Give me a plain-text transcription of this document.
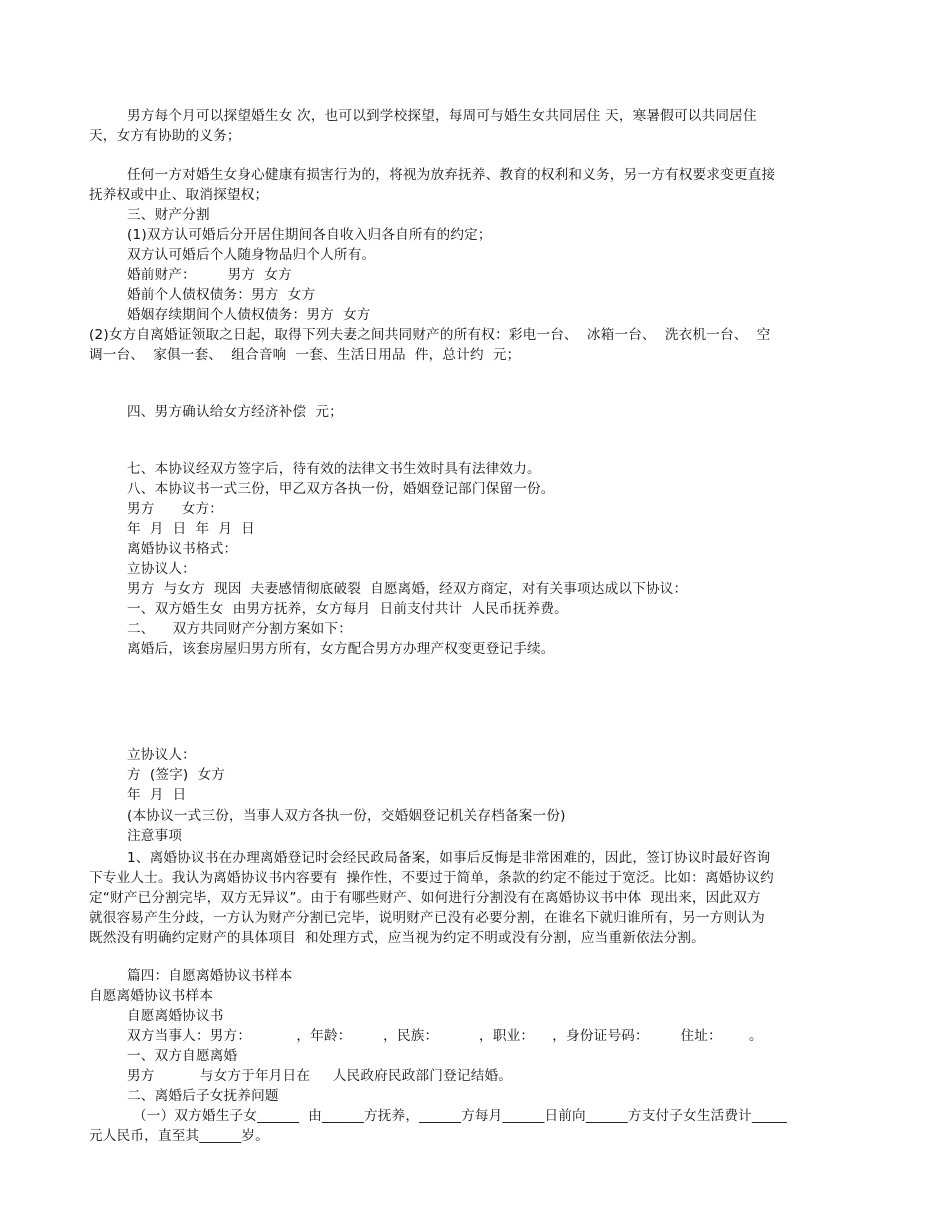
男方每个月可以探望婚生女 次，也可以到学校探望，每周可与婚生女共同居住 天，寒暑假可以共同居住
天，女方有协助的义务；
任何一方对婚生女身心健康有损害行为的，将视为放弃抚养、教育的权利和义务，另一方有权要求变更直接
抚养权或中止、取消探望权；
三、财产分割
(1)双方认可婚后分开居住期间各自收入归各自所有的约定；
双方认可婚后个人随身物品归个人所有。
婚前财产：       男方  女方
婚前个人债权债务：男方  女方
婚姻存续期间个人债权债务：男方  女方
(2)女方自离婚证领取之日起，取得下列夫妻之间共同财产的所有权：彩电一台、  冰箱一台、  洗衣机一台、  空
调一台、  家俱一套、  组合音响  一套、生活日用品  件，总计约  元；
四、男方确认给女方经济补偿  元；
七、本协议经双方签字后，待有效的法律文书生效时具有法律效力。
八、本协议书一式三份，甲乙双方各执一份，婚姻登记部门保留一份。
男方      女方：
年  月  日  年  月  日
离婚协议书格式：
立协议人：
男方  与女方  现因  夫妻感情彻底破裂  自愿离婚，经双方商定，对有关事项达成以下协议：
一、双方婚生女  由男方抚养，女方每月  日前支付共计  人民币抚养费。
二、    双方共同财产分割方案如下：
离婚后，该套房屋归男方所有，女方配合男方办理产权变更登记手续。
立协议人：
方  (签字)  女方
年  月  日
(本协议一式三份，当事人双方各执一份，交婚姻登记机关存档备案一份)
注意事项
1、离婚协议书在办理离婚登记时会经民政局备案，如事后反悔是非常困难的，因此，签订协议时最好咨询
下专业人士。我认为离婚协议书内容要有  操作性，不要过于简单，条款的约定不能过于宽泛。比如：离婚协议约
定“财产已分割完毕，双方无异议”。由于有哪些财产、如何进行分割没有在离婚协议书中体  现出来，因此双方
就很容易产生分歧，一方认为财产分割已完毕，说明财产已没有必要分割，在谁名下就归谁所有，另一方则认为
既然没有明确约定财产的具体项目  和处理方式，应当视为约定不明或没有分割，应当重新依法分割。
篇四：自愿离婚协议书样本
自愿离婚协议书样本
自愿离婚协议书
双方当事人：男方：          ，年龄：       ，民族：         ，职业：    ，身份证号码：       住址：      。
一、双方自愿离婚
男方          与女方于年月日在     人民政府民政部门登记结婚。
二、离婚后子女抚养问题
（一）双方婚生子女______  由______方抚养，______方每月______日前向______方支付子女生活费计_____
元人民币，直至其______岁。
